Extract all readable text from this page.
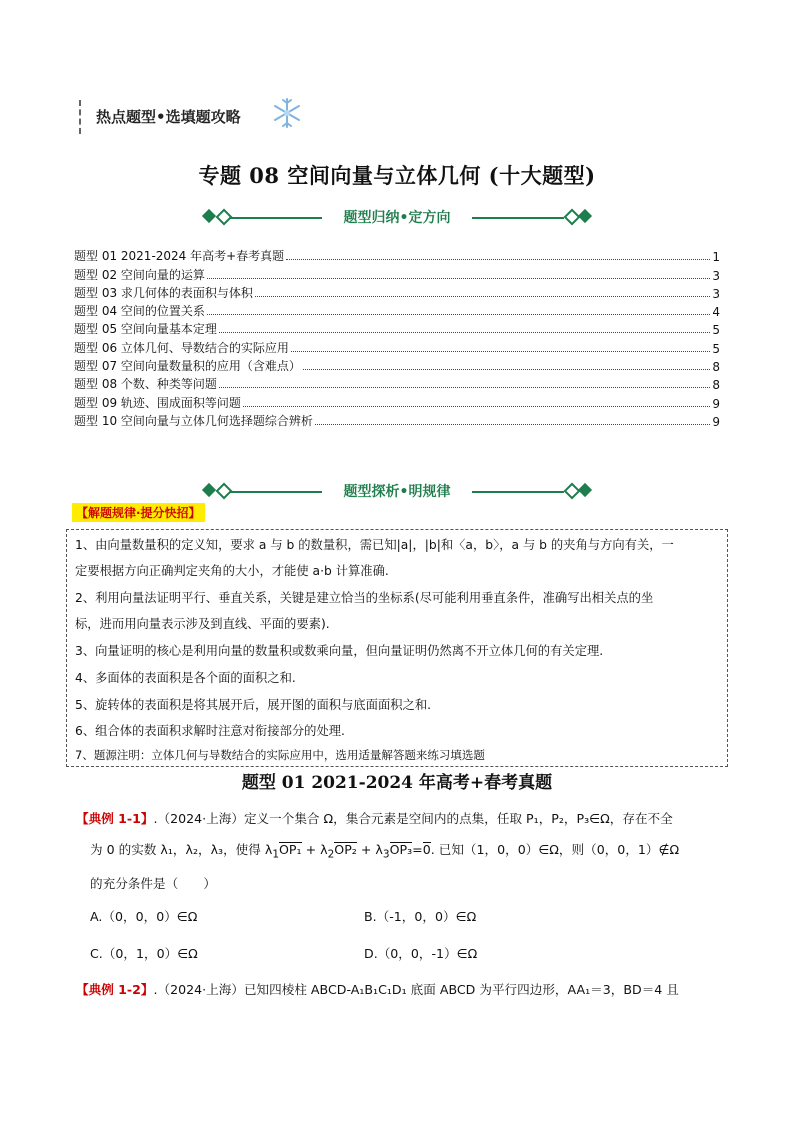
热点题型•选填题攻略
专题 08 空间向量与立体几何 (十大题型)
题型归纳•定方向
题型 01 2021-2024 年高考+春考真题	1
题型 02 空间向量的运算	3
题型 03 求几何体的表面积与体积	3
题型 04 空间的位置关系	4
题型 05 空间向量基本定理	5
题型 06 立体几何、导数结合的实际应用	5
题型 07 空间向量数量积的应用（含难点）	8
题型 08 个数、种类等问题	8
题型 09 轨迹、围成面积等问题	9
题型 10 空间向量与立体几何选择题综合辨析	9
题型探析•明规律
【解题规律·提分快招】
1、由向量数量积的定义知，要求 a 与 b 的数量积，需已知|a|，|b|和〈a，b〉，a 与 b 的夹角与方向有关，一
定要根据方向正确判定夹角的大小，才能使 a·b 计算准确.
2、利用向量法证明平行、垂直关系，关键是建立恰当的坐标系(尽可能利用垂直条件，准确写出相关点的坐
标，进而用向量表示涉及到直线、平面的要素).
3、向量证明的核心是利用向量的数量积或数乘向量，但向量证明仍然离不开立体几何的有关定理.
4、多面体的表面积是各个面的面积之和.
5、旋转体的表面积是将其展开后，展开图的面积与底面面积之和.
6、组合体的表面积求解时注意对衔接部分的处理.
7、题源注明：立体几何与导数结合的实际应用中，选用适量解答题来练习填选题
题型 01 2021-2024 年高考+春考真题
【典例 1-1】.（2024·上海）定义一个集合 Ω，集合元素是空间内的点集，任取 P₁，P₂，P₃∈Ω，存在不全
为 0 的实数 λ₁，λ₂，λ₃，使得 $\lambda_1OP_1 + \lambda_2OP_2 + \lambda_3OP_3=0$. 已知（1，0，0）∈Ω，则（0，0，1）∉Ω
的充分条件是（　　）
A.（0，0，0）∈Ω	B.（-1，0，0）∈Ω
C.（0，1，0）∈Ω	D.（0，0，-1）∈Ω
【典例 1-2】.（2024·上海）已知四棱柱 ABCD-A₁B₁C₁D₁ 底面 ABCD 为平行四边形，AA₁＝3，BD＝4 且
